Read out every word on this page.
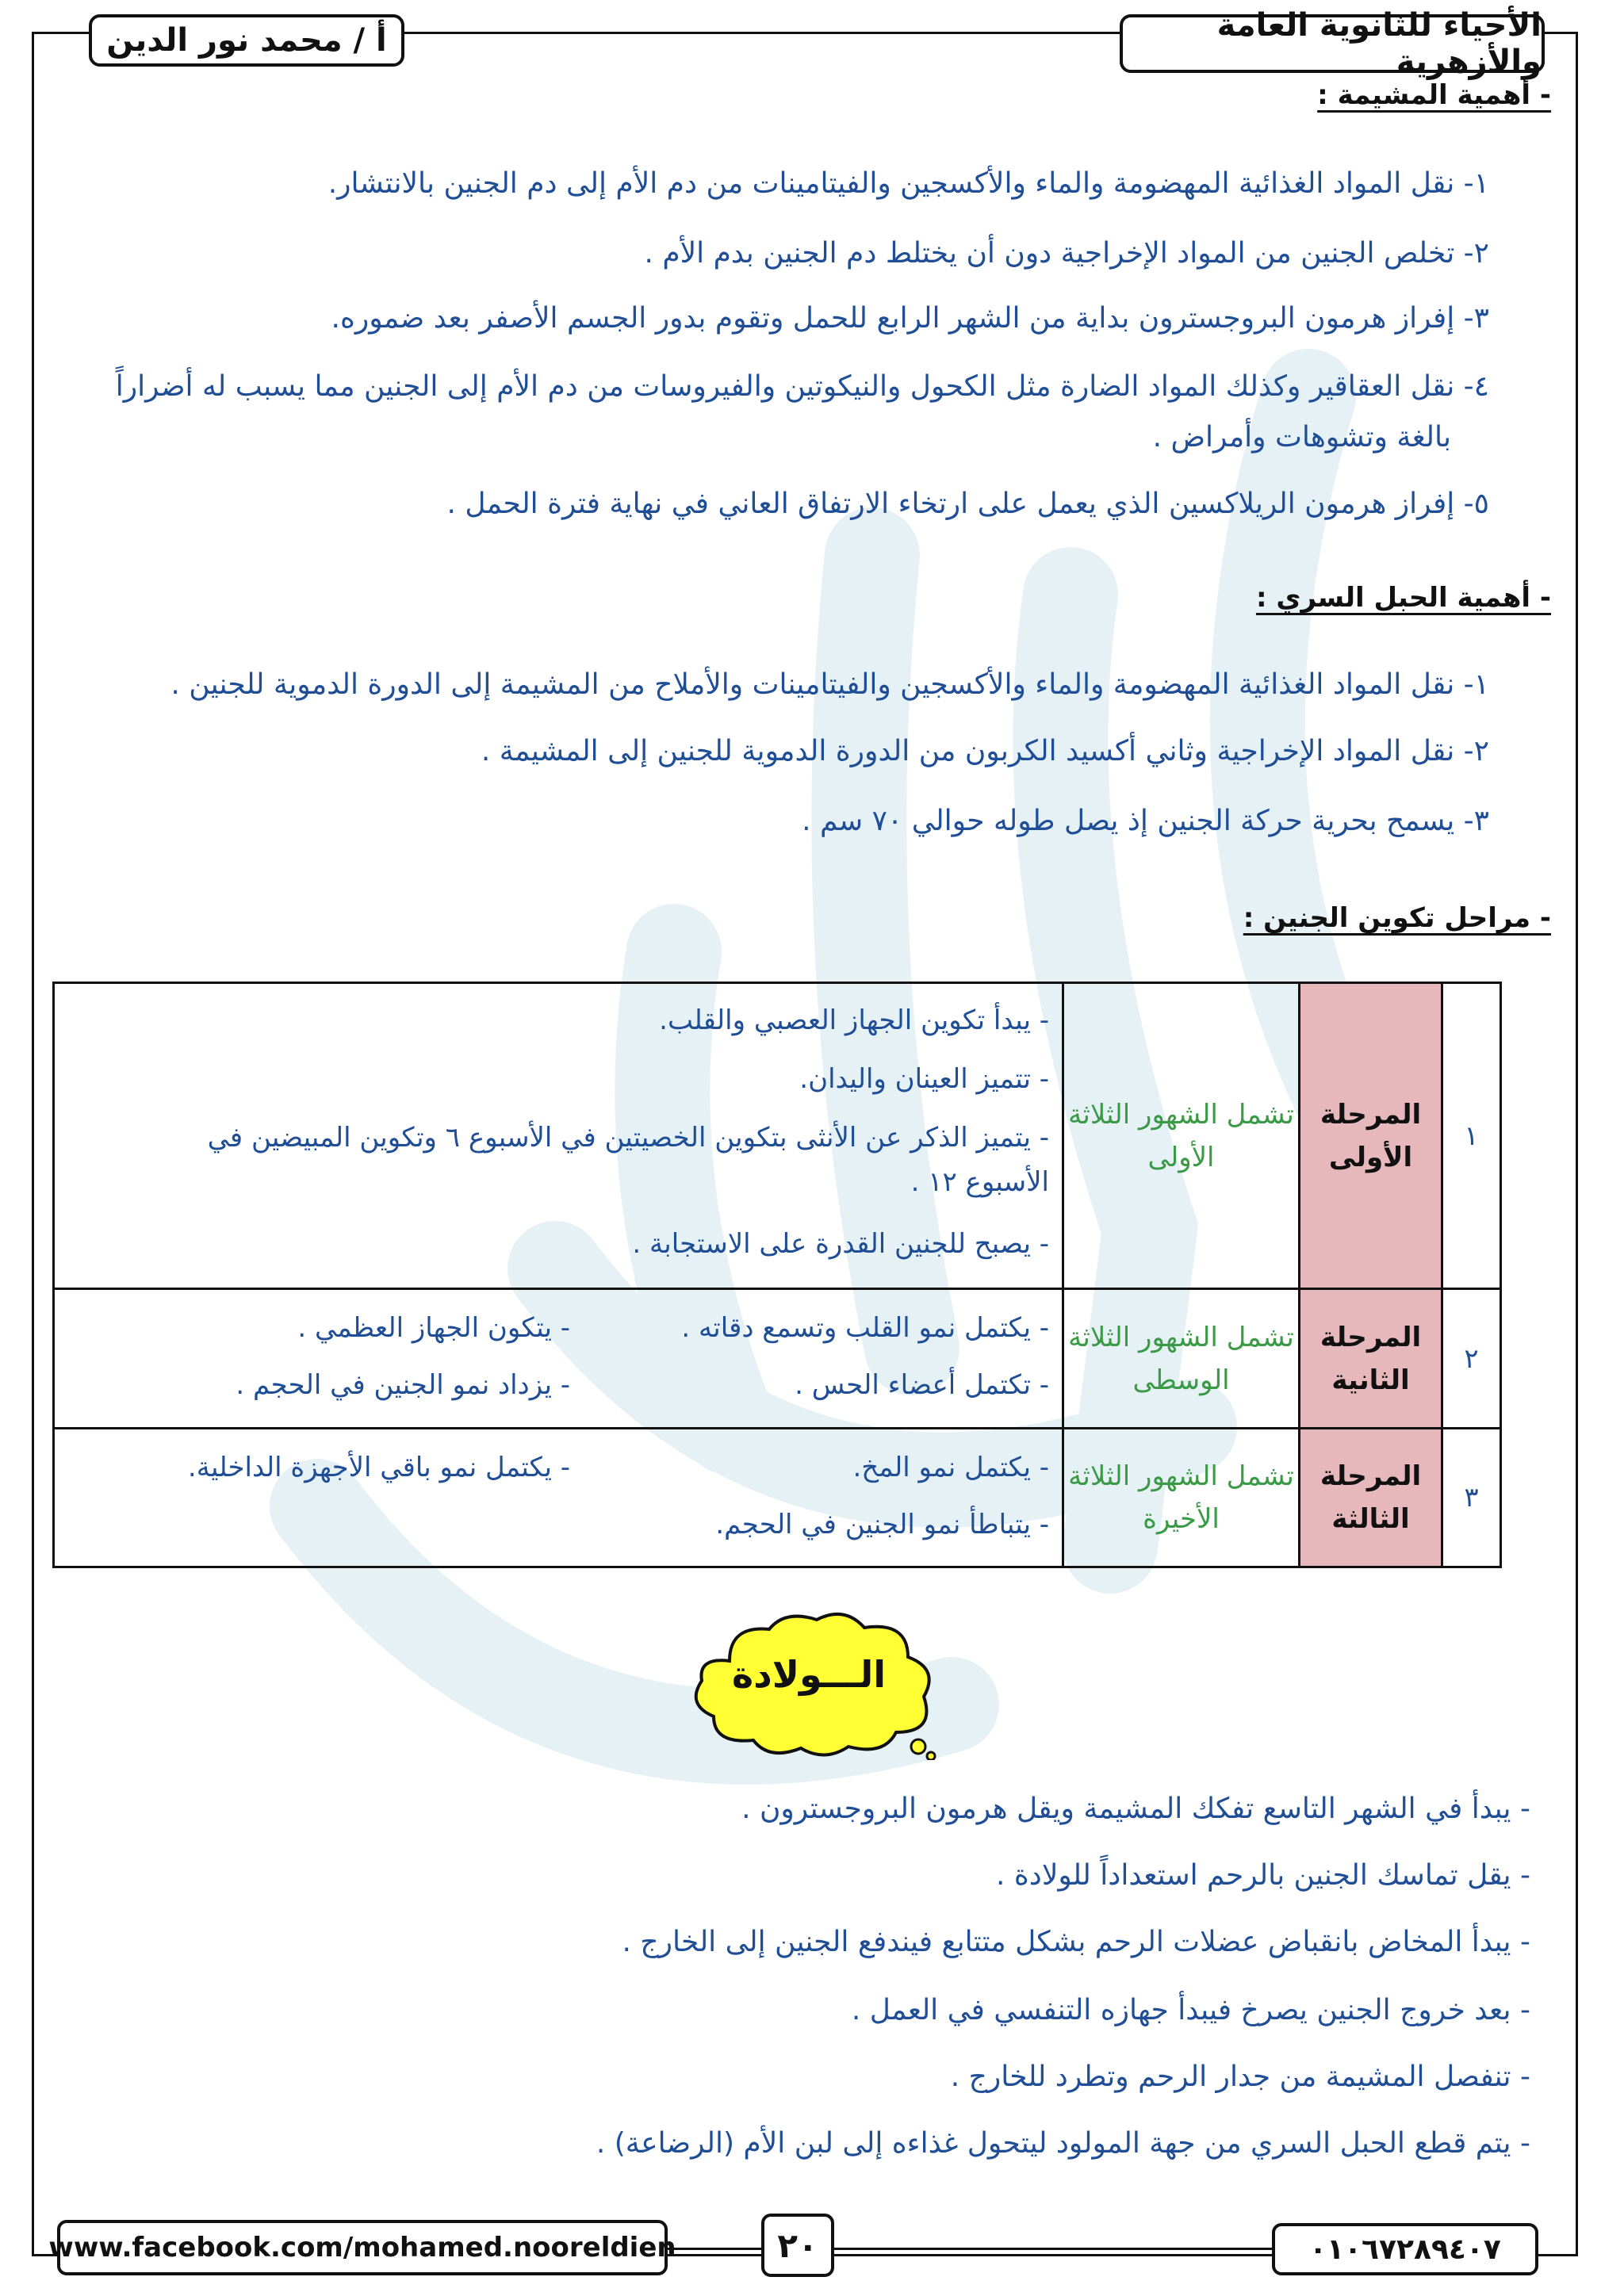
الأحياء للثانوية العامة والأزهرية
أ / محمد نور الدين
- أهمية المشيمة :
١- نقل المواد الغذائية المهضومة والماء والأكسجين والفيتامينات من دم الأم إلى دم الجنين بالانتشار.
٢- تخلص الجنين من المواد الإخراجية دون أن يختلط دم الجنين بدم الأم .
٣- إفراز هرمون البروجسترون بداية من الشهر الرابع للحمل وتقوم بدور الجسم الأصفر بعد ضموره.
٤- نقل العقاقير وكذلك المواد الضارة مثل الكحول والنيكوتين والفيروسات من دم الأم إلى الجنين مما يسبب له أضراراً
بالغة وتشوهات وأمراض .
٥- إفراز هرمون الريلاكسين الذي يعمل على ارتخاء الارتفاق العاني في نهاية فترة الحمل .
- أهمية الحبل السري :
١- نقل المواد الغذائية المهضومة والماء والأكسجين والفيتامينات والأملاح من المشيمة إلى الدورة الدموية للجنين .
٢- نقل المواد الإخراجية وثاني أكسيد الكربون من الدورة الدموية للجنين إلى المشيمة .
٣- يسمح بحرية حركة الجنين إذ يصل طوله حوالي ٧٠ سم .
- مراحل تكوين الجنين :
١
المرحلة الأولى
تشمل الشهور الثلاثة الأولى
- يبدأ تكوين الجهاز العصبي والقلب.
- تتميز العينان واليدان.
- يتميز الذكر عن الأنثى بتكوين الخصيتين في الأسبوع ٦ وتكوين المبيضين في
الأسبوع ١٢ .
- يصبح للجنين القدرة على الاستجابة .
٢
المرحلة الثانية
تشمل الشهور الثلاثة الوسطى
- يكتمل نمو القلب وتسمع دقاته .
- تكتمل أعضاء الحس .
- يتكون الجهاز العظمي .
- يزداد نمو الجنين في الحجم .
٣
المرحلة الثالثة
تشمل الشهور الثلاثة الأخيرة
- يكتمل نمو المخ.
- يتباطأ نمو الجنين في الحجم.
- يكتمل نمو باقي الأجهزة الداخلية.
الـــولادة
- يبدأ في الشهر التاسع تفكك المشيمة ويقل هرمون البروجسترون .
- يقل تماسك الجنين بالرحم استعداداً للولادة .
- يبدأ المخاض بانقباض عضلات الرحم بشكل متتابع فيندفع الجنين إلى الخارج .
- بعد خروج الجنين يصرخ فيبدأ جهازه التنفسي في العمل .
- تنفصل المشيمة من جدار الرحم وتطرد للخارج .
- يتم قطع الحبل السري من جهة المولود ليتحول غذاءه إلى لبن الأم (الرضاعة) .
www.facebook.com/mohamed.nooreldien	٢٠	٠١٠٦٧٢٨٩٤٠٧
